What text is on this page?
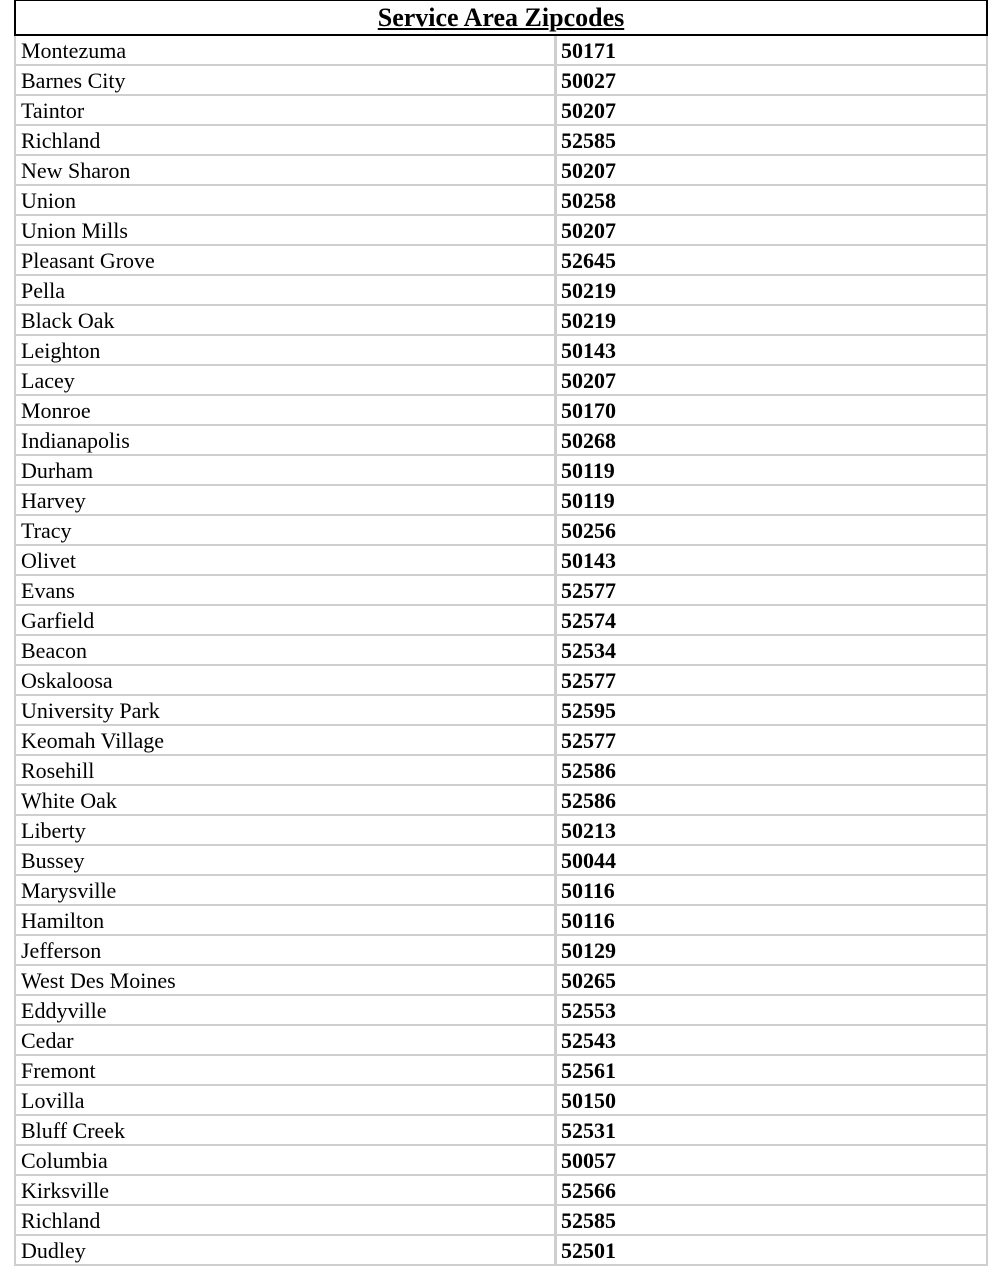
Service Area Zipcodes
Montezuma	50171
Barnes City	50027
Taintor	50207
Richland	52585
New Sharon	50207
Union	50258
Union Mills	50207
Pleasant Grove	52645
Pella	50219
Black Oak	50219
Leighton	50143
Lacey	50207
Monroe	50170
Indianapolis	50268
Durham	50119
Harvey	50119
Tracy	50256
Olivet	50143
Evans	52577
Garfield	52574
Beacon	52534
Oskaloosa	52577
University Park	52595
Keomah Village	52577
Rosehill	52586
White Oak	52586
Liberty	50213
Bussey	50044
Marysville	50116
Hamilton	50116
Jefferson	50129
West Des Moines	50265
Eddyville	52553
Cedar	52543
Fremont	52561
Lovilla	50150
Bluff Creek	52531
Columbia	50057
Kirksville	52566
Richland	52585
Dudley	52501
